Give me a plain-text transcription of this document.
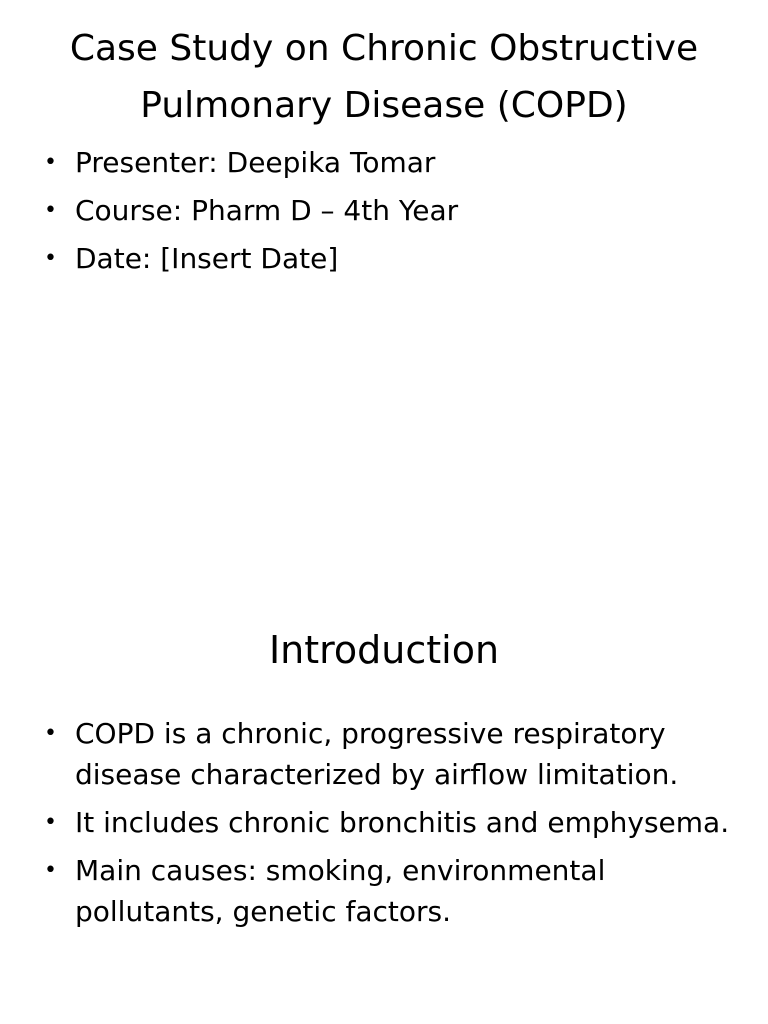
Case Study on Chronic Obstructive Pulmonary Disease (COPD)
• Presenter: Deepika Tomar
• Course: Pharm D – 4th Year
• Date: [Insert Date]
Introduction
• COPD is a chronic, progressive respiratory disease characterized by airflow limitation.
• It includes chronic bronchitis and emphysema.
• Main causes: smoking, environmental pollutants, genetic factors.
